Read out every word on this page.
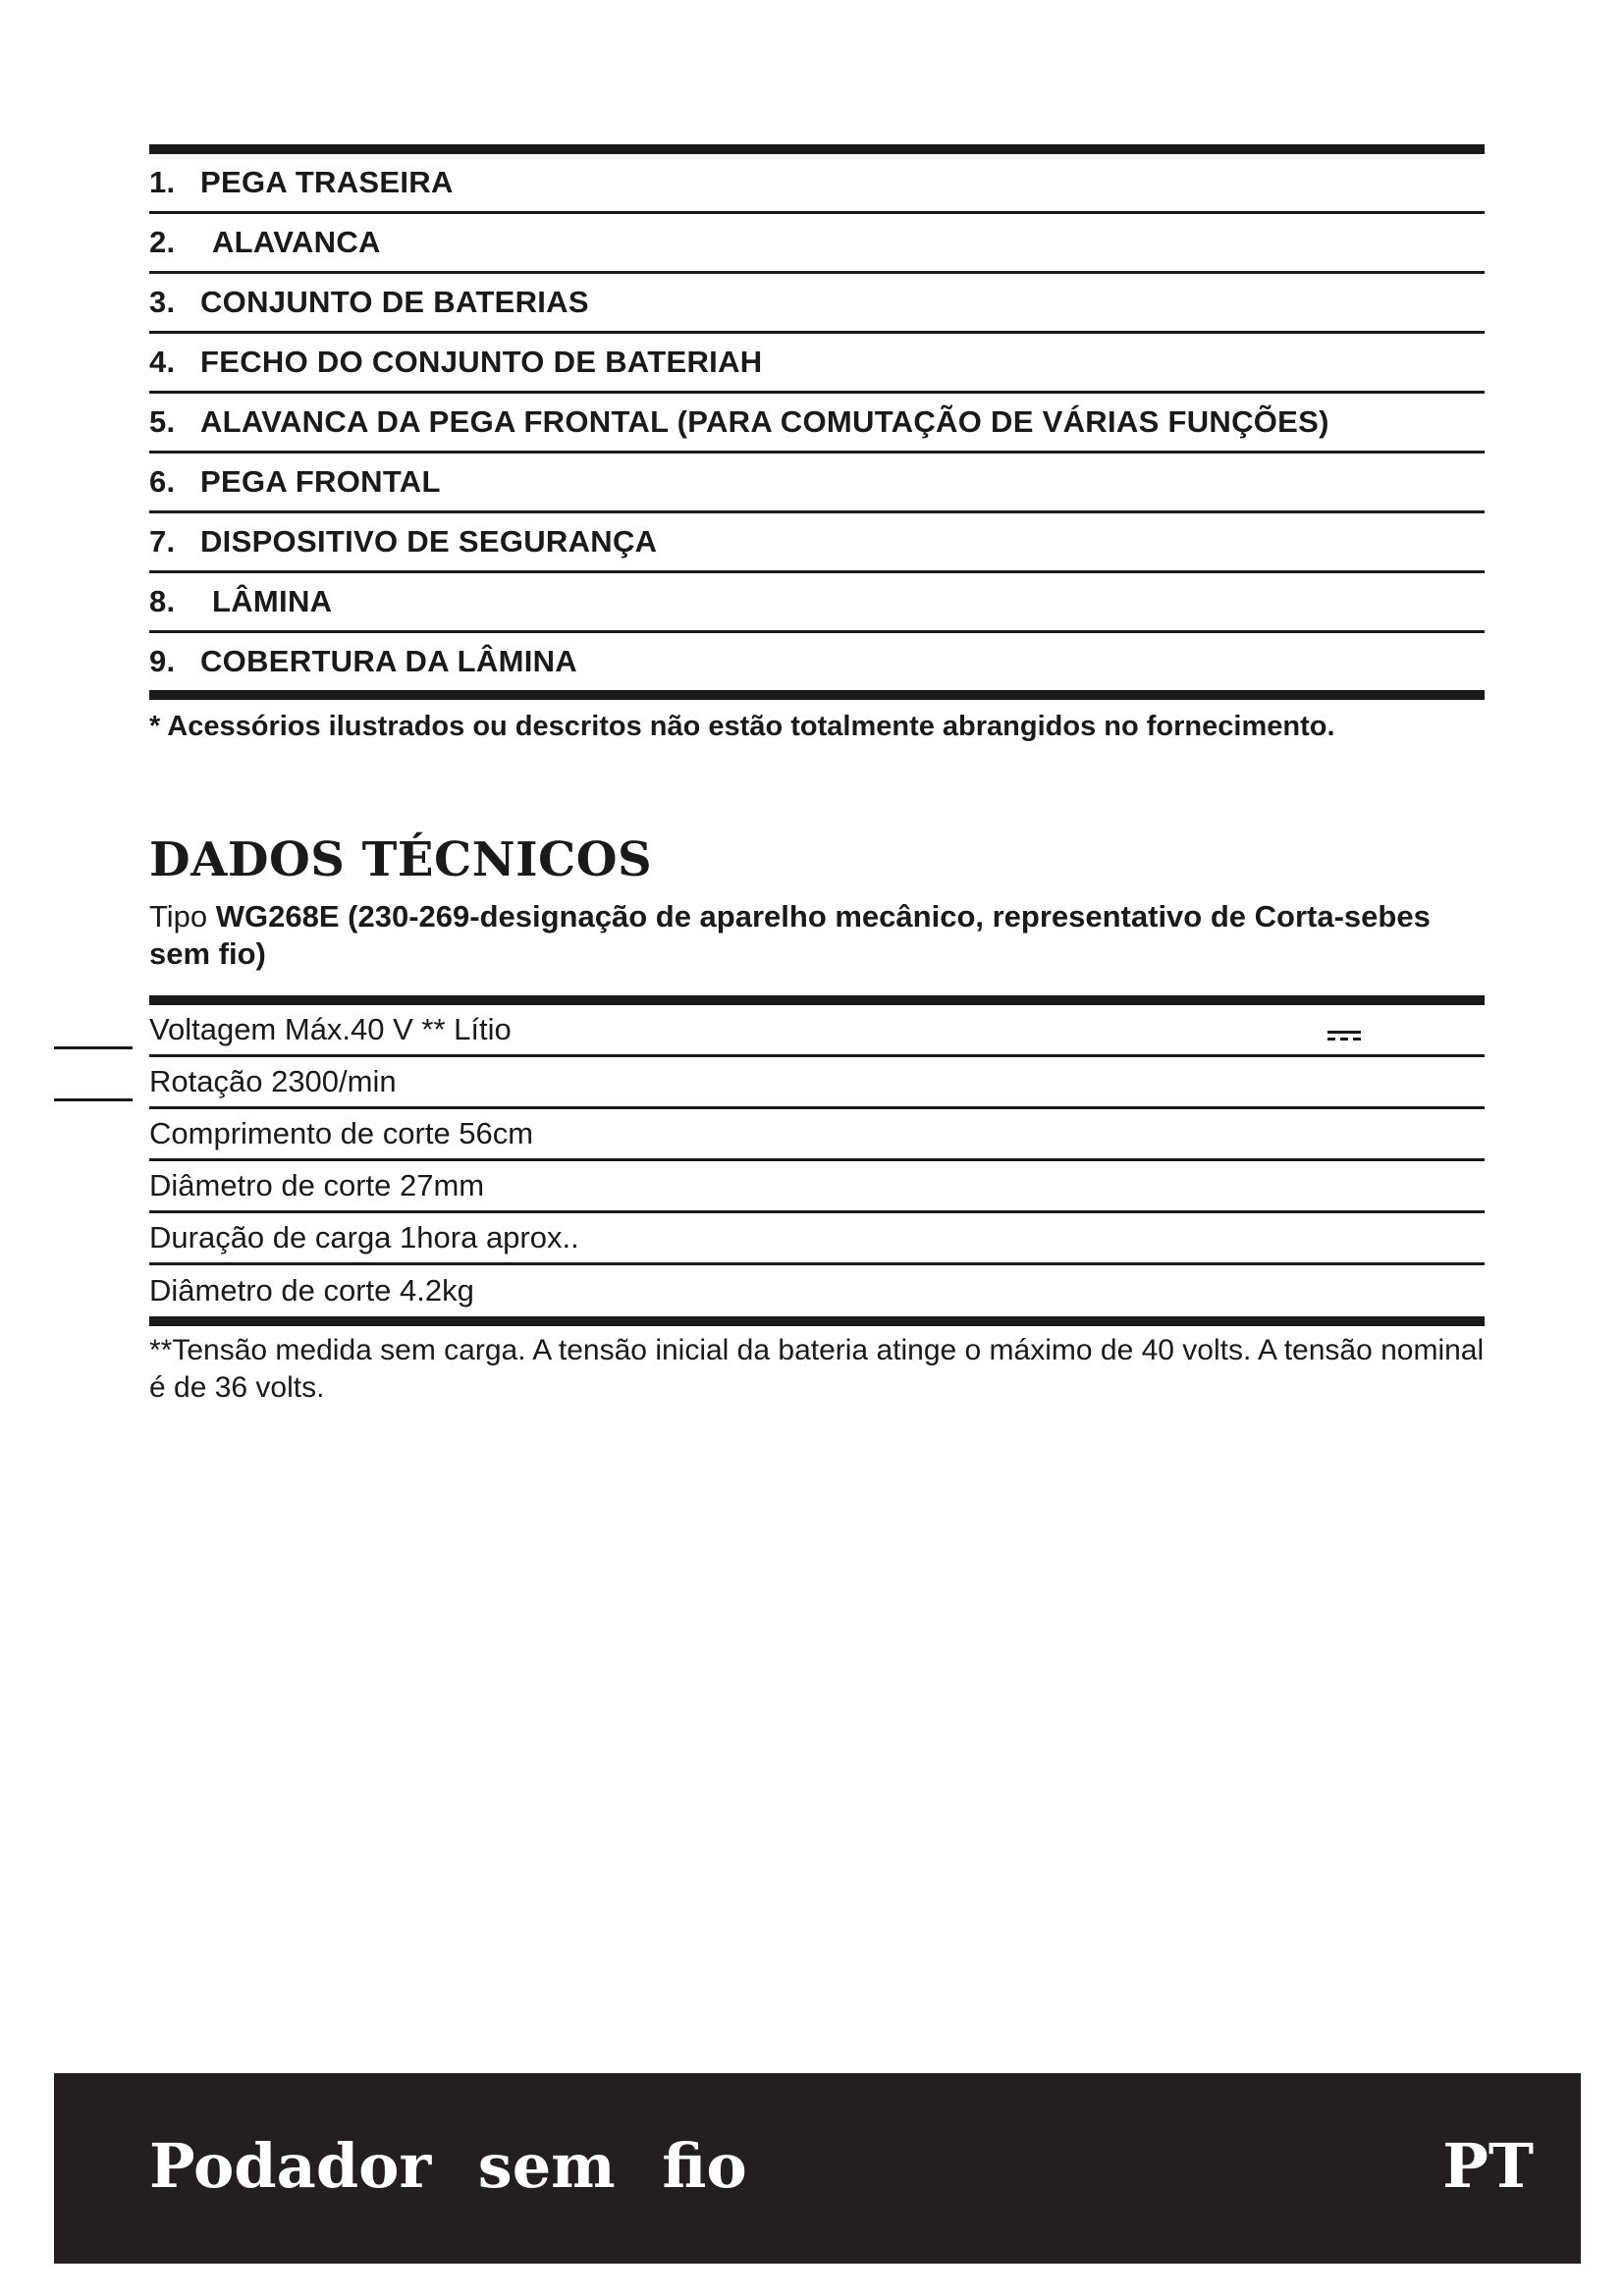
1. PEGA TRASEIRA
2.	ALAVANCA
3. CONJUNTO DE BATERIAS
4. FECHO DO CONJUNTO DE BATERIAH
5. ALAVANCA DA PEGA FRONTAL (PARA COMUTAÇÃO DE VÁRIAS FUNÇÕES)
6. PEGA FRONTAL
7. DISPOSITIVO DE SEGURANÇA
8.	LÂMINA
9. COBERTURA DA LÂMINA
* Acessórios ilustrados ou descritos não estão totalmente abrangidos no fornecimento.
DADOS TÉCNICOS
Tipo WG268E (230-269-designação de aparelho mecânico, representativo de Corta-sebes sem fio)
Voltagem Máx.40 V ** Lítio
Rotação 2300/min
Comprimento de corte 56cm
Diâmetro de corte 27mm
Duração de carga 1hora aprox..
Diâmetro de corte 4.2kg
**Tensão medida sem carga. A tensão inicial da bateria atinge o máximo de 40 volts. A tensão nominal é de 36 volts.
Podador sem fio	PT
